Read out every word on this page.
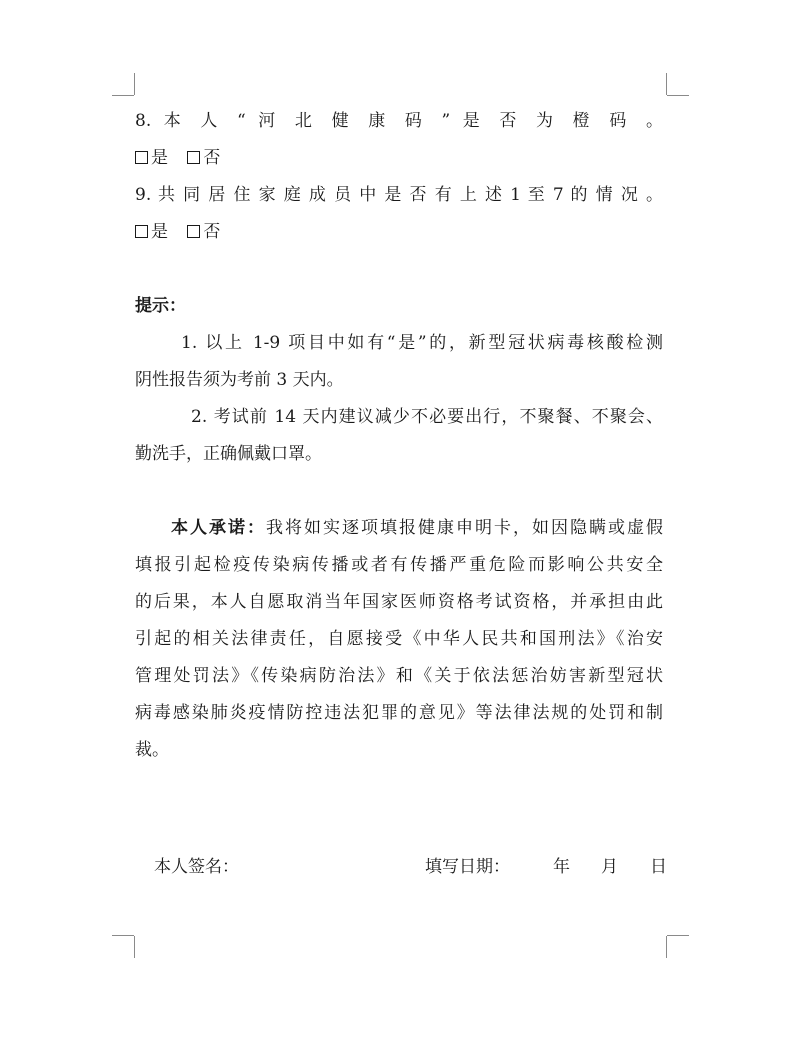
8. 本 人 “ 河 北 健 康 码 ” 是 否 为 橙 码 。
是 否
9. 共 同 居 住 家 庭 成 员 中 是 否 有 上 述 1 至 7 的 情 况 。
是 否
提示：
1. 以上 1-9 项目中如有“是”的，新型冠状病毒核酸检测
阴性报告须为考前 3 天内。
2. 考试前 14 天内建议减少不必要出行，不聚餐、不聚会、
勤洗手，正确佩戴口罩。
本人承诺：我将如实逐项填报健康申明卡，如因隐瞒或虚假
填报引起检疫传染病传播或者有传播严重危险而影响公共安全
的后果，本人自愿取消当年国家医师资格考试资格，并承担由此
引起的相关法律责任，自愿接受《中华人民共和国刑法》《治安
管理处罚法》《传染病防治法》和《关于依法惩治妨害新型冠状
病毒感染肺炎疫情防控违法犯罪的意见》等法律法规的处罚和制
裁。
本人签名：	填写日期：	年 月 日
